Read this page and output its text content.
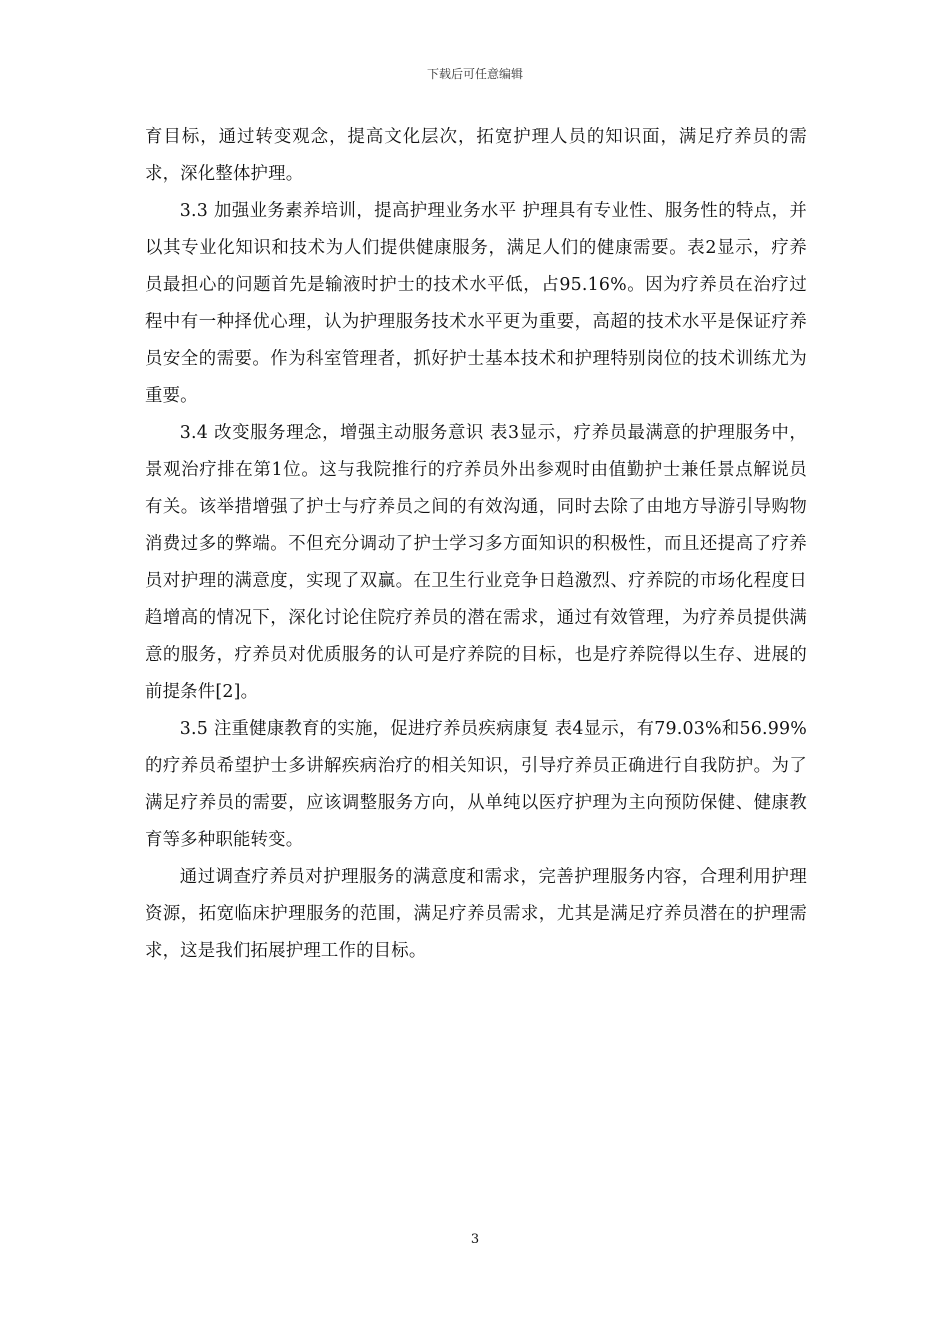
下载后可任意编辑

育目标，通过转变观念，提高文化层次，拓宽护理人员的知识面，满足疗养员的需求，深化整体护理。

3.3 加强业务素养培训，提高护理业务水平 护理具有专业性、服务性的特点，并以其专业化知识和技术为人们提供健康服务，满足人们的健康需要。表2显示，疗养员最担心的问题首先是输液时护士的技术水平低，占95.16%。因为疗养员在治疗过程中有一种择优心理，认为护理服务技术水平更为重要，高超的技术水平是保证疗养员安全的需要。作为科室管理者，抓好护士基本技术和护理特别岗位的技术训练尤为重要。

3.4 改变服务理念，增强主动服务意识 表3显示，疗养员最满意的护理服务中，景观治疗排在第1位。这与我院推行的疗养员外出参观时由值勤护士兼任景点解说员有关。该举措增强了护士与疗养员之间的有效沟通，同时去除了由地方导游引导购物消费过多的弊端。不但充分调动了护士学习多方面知识的积极性，而且还提高了疗养员对护理的满意度，实现了双赢。在卫生行业竞争日趋激烈、疗养院的市场化程度日趋增高的情况下，深化讨论住院疗养员的潜在需求，通过有效管理，为疗养员提供满意的服务，疗养员对优质服务的认可是疗养院的目标，也是疗养院得以生存、进展的前提条件[2]。

3.5 注重健康教育的实施，促进疗养员疾病康复 表4显示，有79.03%和56.99%的疗养员希望护士多讲解疾病治疗的相关知识，引导疗养员正确进行自我防护。为了满足疗养员的需要，应该调整服务方向，从单纯以医疗护理为主向预防保健、健康教育等多种职能转变。

通过调查疗养员对护理服务的满意度和需求，完善护理服务内容，合理利用护理资源，拓宽临床护理服务的范围，满足疗养员需求，尤其是满足疗养员潜在的护理需求，这是我们拓展护理工作的目标。

3
